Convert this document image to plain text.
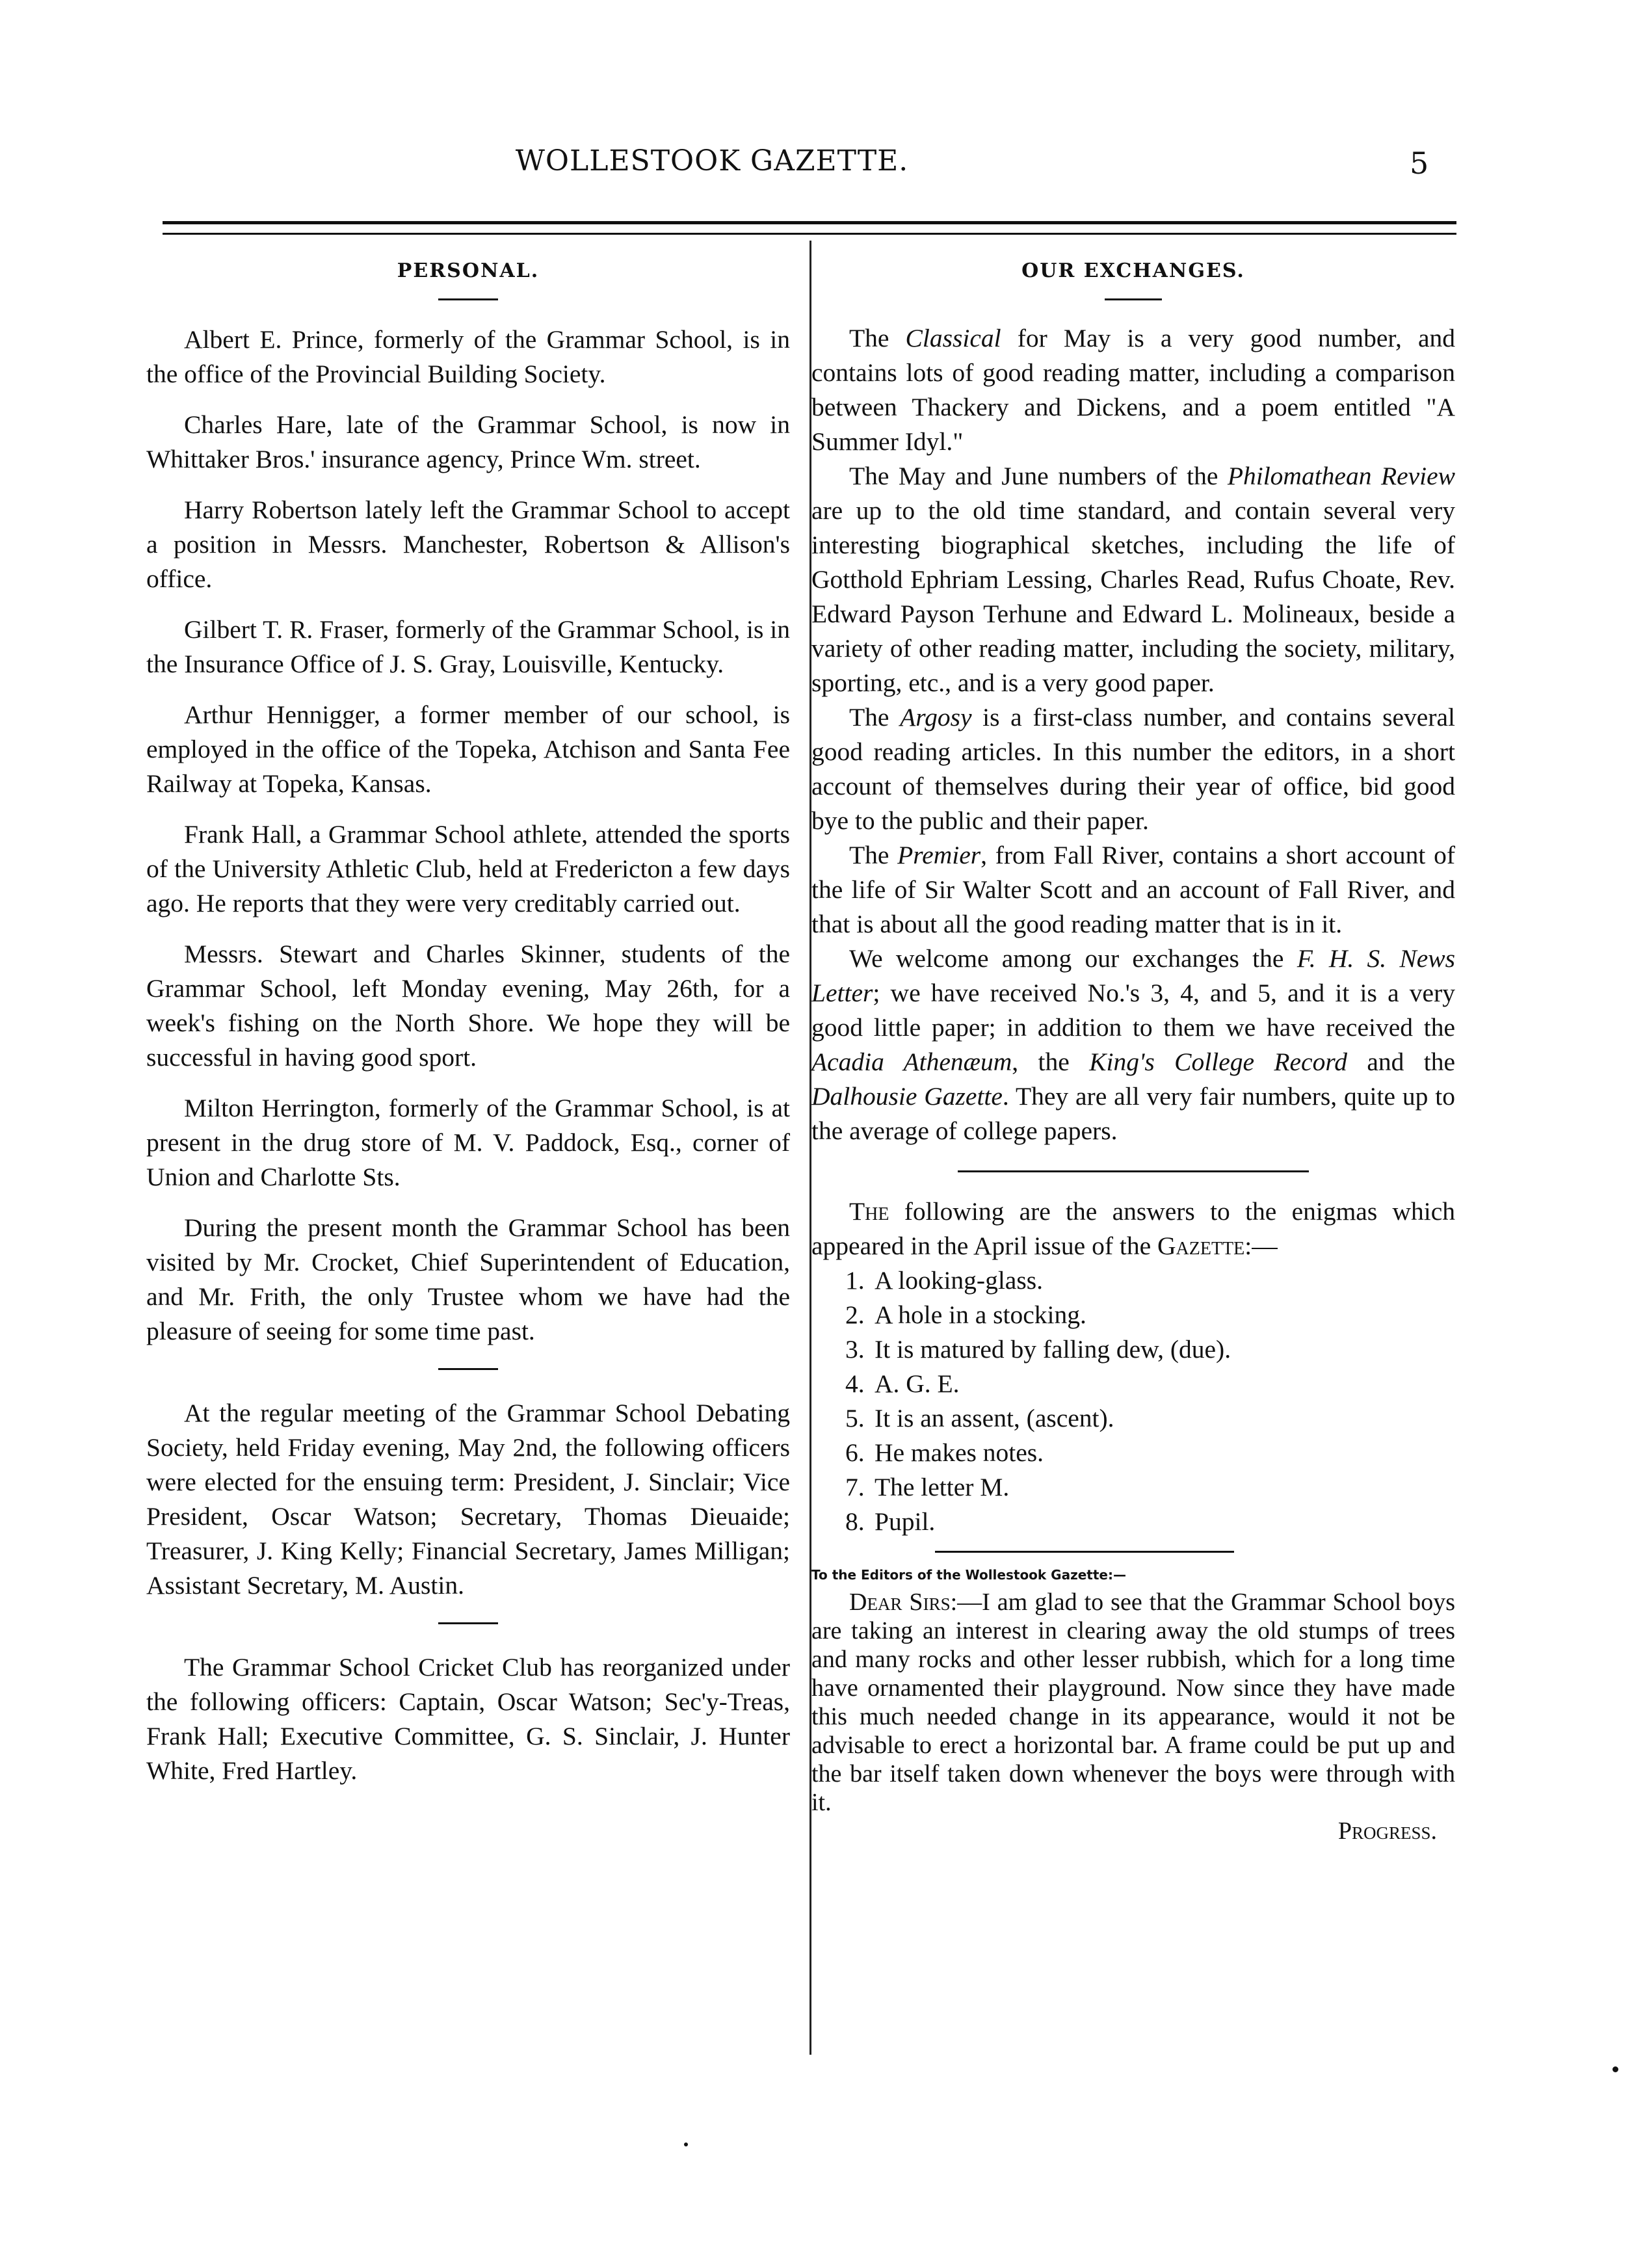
WOLLESTOOK GAZETTE.	5
PERSONAL.

Albert E. Prince, formerly of the Grammar School, is in the office of the Provincial Building Society.

Charles Hare, late of the Grammar School, is now in Whittaker Bros.' insurance agency, Prince Wm. street.

Harry Robertson lately left the Grammar School to accept a position in Messrs. Manchester, Robertson & Allison's office.

Gilbert T. R. Fraser, formerly of the Grammar School, is in the Insurance Office of J. S. Gray, Louisville, Kentucky.

Arthur Hennigger, a former member of our school, is employed in the office of the Topeka, Atchison and Santa Fee Railway at Topeka, Kansas.

Frank Hall, a Grammar School athlete, attended the sports of the University Athletic Club, held at Fredericton a few days ago. He reports that they were very creditably carried out.

Messrs. Stewart and Charles Skinner, students of the Grammar School, left Monday evening, May 26th, for a week's fishing on the North Shore. We hope they will be successful in having good sport.

Milton Herrington, formerly of the Grammar School, is at present in the drug store of M. V. Paddock, Esq., corner of Union and Charlotte Sts.

During the present month the Grammar School has been visited by Mr. Crocket, Chief Superintendent of Education, and Mr. Frith, the only Trustee whom we have had the pleasure of seeing for some time past.

At the regular meeting of the Grammar School Debating Society, held Friday evening, May 2nd, the following officers were elected for the ensuing term: President, J. Sinclair; Vice President, Oscar Watson; Secretary, Thomas Dieuaide; Treasurer, J. King Kelly; Financial Secretary, James Milligan; Assistant Secretary, M. Austin.

The Grammar School Cricket Club has reorganized under the following officers: Captain, Oscar Watson; Sec'y-Treas, Frank Hall; Executive Committee, G. S. Sinclair, J. Hunter White, Fred Hartley.

OUR EXCHANGES.

The Classical for May is a very good number, and contains lots of good reading matter, including a comparison between Thackery and Dickens, and a poem entitled "A Summer Idyl."

The May and June numbers of the Philomathean Review are up to the old time standard, and contain several very interesting biographical sketches, including the life of Gotthold Ephriam Lessing, Charles Read, Rufus Choate, Rev. Edward Payson Terhune and Edward L. Molineaux, beside a variety of other reading matter, including the society, military, sporting, etc., and is a very good paper.

The Argosy is a first-class number, and contains several good reading articles. In this number the editors, in a short account of themselves during their year of office, bid good bye to the public and their paper.

The Premier, from Fall River, contains a short account of the life of Sir Walter Scott and an account of Fall River, and that is about all the good reading matter that is in it.

We welcome among our exchanges the F. H. S. News Letter; we have received No.'s 3, 4, and 5, and it is a very good little paper; in addition to them we have received the Acadia Athenæum, the King's College Record and the Dalhousie Gazette. They are all very fair numbers, quite up to the average of college papers.

The following are the answers to the enigmas which appeared in the April issue of the Gazette:—

1. A looking-glass.
2. A hole in a stocking.
3. It is matured by falling dew, (due).
4. A. G. E.
5. It is an assent, (ascent).
6. He makes notes.
7. The letter M.
8. Pupil.

To the Editors of the Wollestook Gazette:—

Dear Sirs:—I am glad to see that the Grammar School boys are taking an interest in clearing away the old stumps of trees and many rocks and other lesser rubbish, which for a long time have ornamented their playground. Now since they have made this much needed change in its appearance, would it not be advisable to erect a horizontal bar. A frame could be put up and the bar itself taken down whenever the boys were through with it.

Progress.
